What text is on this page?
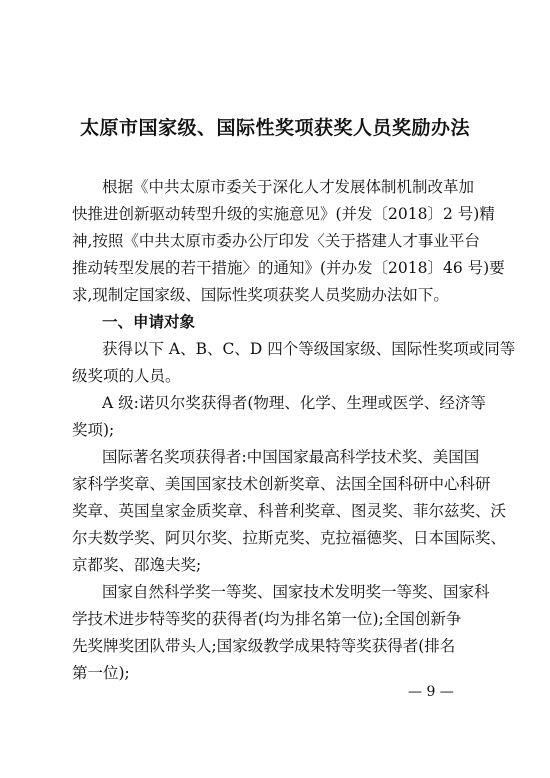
太原市国家级、国际性奖项获奖人员奖励办法
根据《中共太原市委关于深化人才发展体制机制改革加
快推进创新驱动转型升级的实施意见》(并发〔2018〕2 号)精
神,按照《中共太原市委办公厅印发〈关于搭建人才事业平台
推动转型发展的若干措施〉的通知》(并办发〔2018〕46 号)要
求,现制定国家级、国际性奖项获奖人员奖励办法如下。
一、申请对象
获得以下 A、B、C、D 四个等级国家级、国际性奖项或同等
级奖项的人员。
A 级:诺贝尔奖获得者(物理、化学、生理或医学、经济等
奖项);
国际著名奖项获得者:中国国家最高科学技术奖、美国国
家科学奖章、美国国家技术创新奖章、法国全国科研中心科研
奖章、英国皇家金质奖章、科普利奖章、图灵奖、菲尔兹奖、沃
尔夫数学奖、阿贝尔奖、拉斯克奖、克拉福德奖、日本国际奖、
京都奖、邵逸夫奖;
国家自然科学奖一等奖、国家技术发明奖一等奖、国家科
学技术进步特等奖的获得者(均为排名第一位);全国创新争
先奖牌奖团队带头人;国家级教学成果特等奖获得者(排名
第一位);
— 9 —
